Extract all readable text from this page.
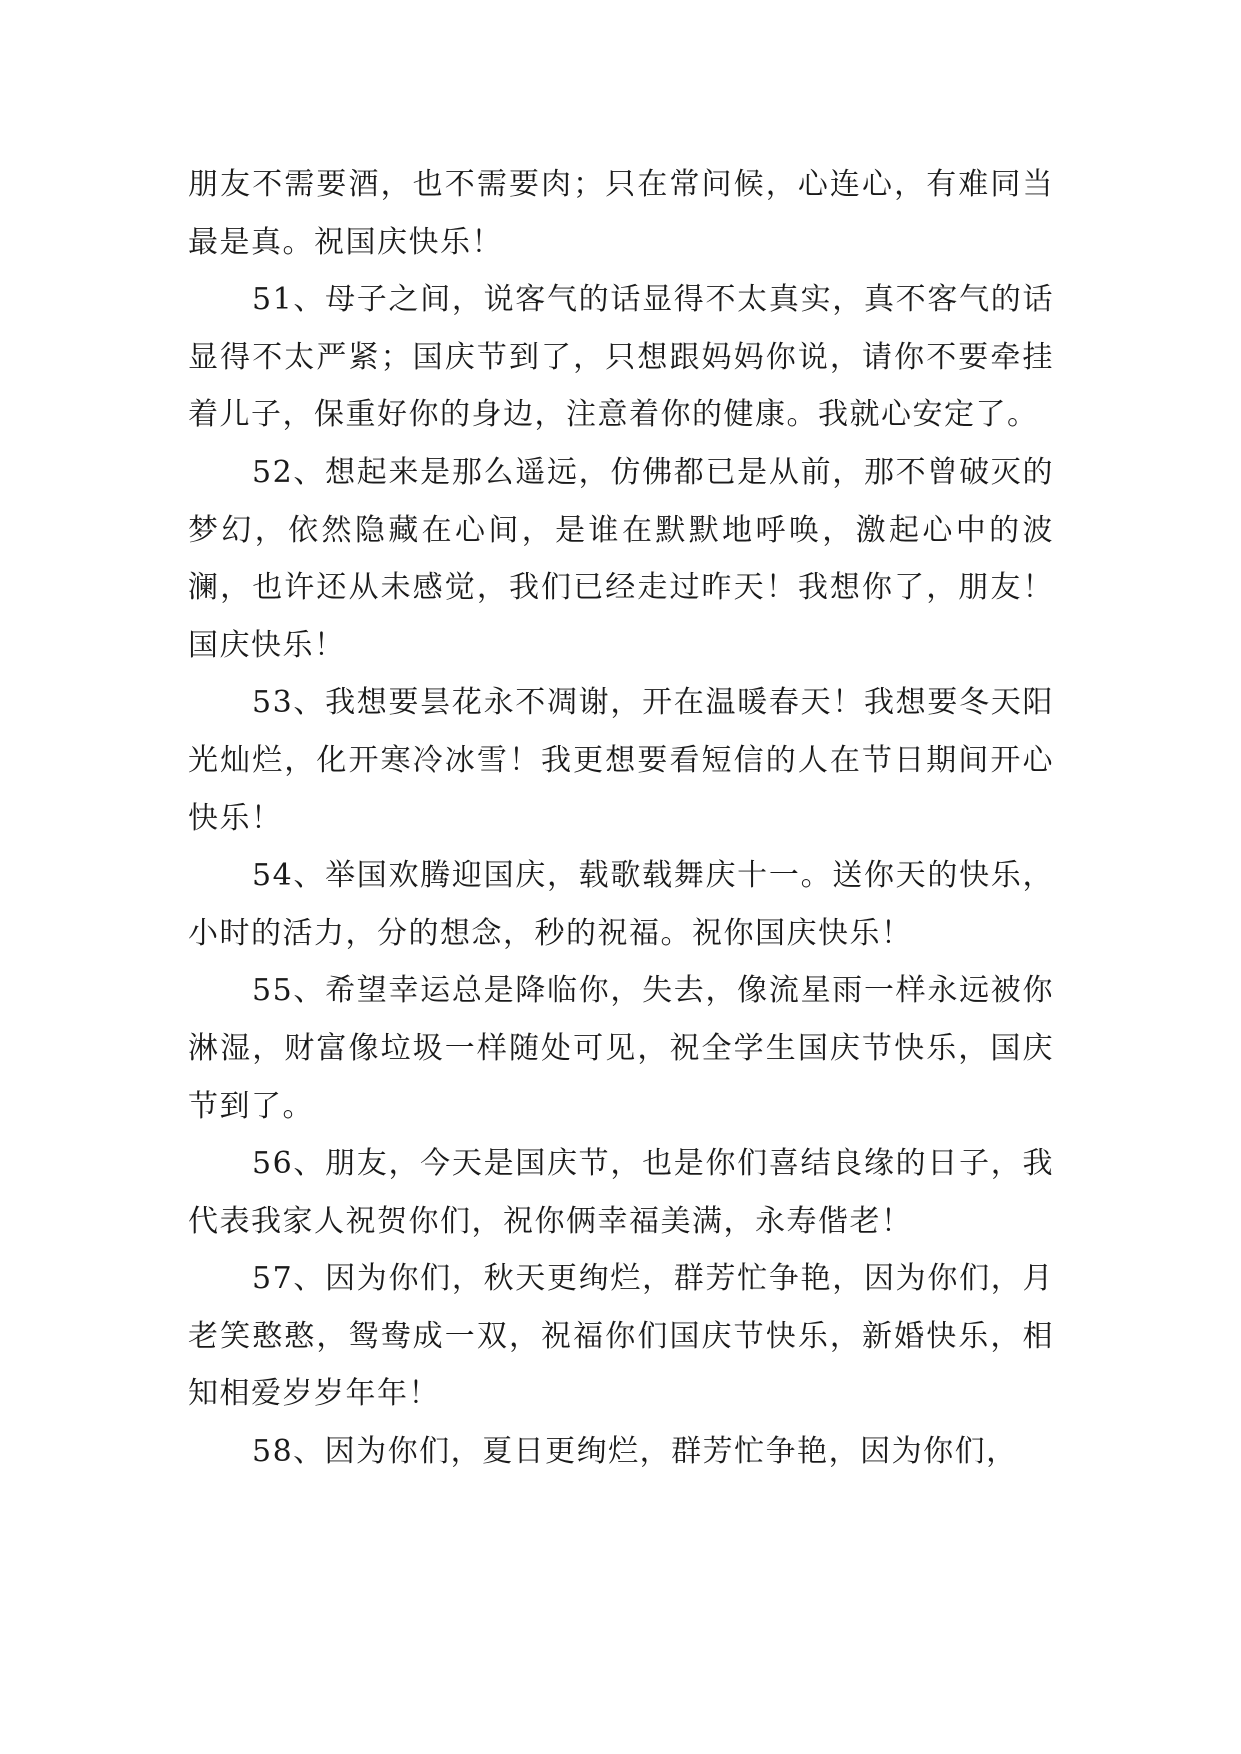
朋友不需要酒，也不需要肉；只在常问候，心连心，有难同当最是真。祝国庆快乐！

51、母子之间，说客气的话显得不太真实，真不客气的话显得不太严紧；国庆节到了，只想跟妈妈你说，请你不要牵挂着儿子，保重好你的身边，注意着你的健康。我就心安定了。

52、想起来是那么遥远，仿佛都已是从前，那不曾破灭的梦幻，依然隐藏在心间，是谁在默默地呼唤，激起心中的波澜，也许还从未感觉，我们已经走过昨天！我想你了，朋友！国庆快乐！

53、我想要昙花永不凋谢，开在温暖春天！我想要冬天阳光灿烂，化开寒冷冰雪！我更想要看短信的人在节日期间开心快乐！

54、举国欢腾迎国庆，载歌载舞庆十一。送你天的快乐，小时的活力，分的想念，秒的祝福。祝你国庆快乐！

55、希望幸运总是降临你，失去，像流星雨一样永远被你淋湿，财富像垃圾一样随处可见，祝全学生国庆节快乐，国庆节到了。

56、朋友，今天是国庆节，也是你们喜结良缘的日子，我代表我家人祝贺你们，祝你俩幸福美满，永寿偕老！

57、因为你们，秋天更绚烂，群芳忙争艳，因为你们，月老笑憨憨，鸳鸯成一双，祝福你们国庆节快乐，新婚快乐，相知相爱岁岁年年！

58、因为你们，夏日更绚烂，群芳忙争艳，因为你们，
